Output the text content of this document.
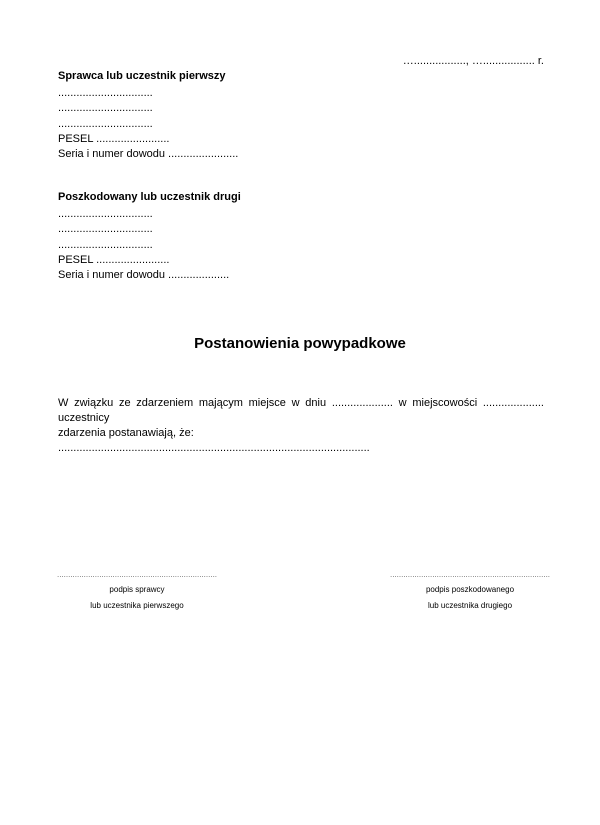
…................., …................. r.
Sprawca lub uczestnik pierwszy
...............................
...............................
...............................
PESEL ........................
Seria i numer dowodu .......................
Poszkodowany lub uczestnik drugi
...............................
...............................
...............................
PESEL ........................
Seria i numer dowodu ....................
Postanowienia powypadkowe
W związku ze zdarzeniem mającym miejsce w dniu .................... w miejscowości .................... uczestnicy
zdarzenia postanawiają, że:
......................................................................................................
........................................................................
podpis sprawcy
lub uczestnika pierwszego
........................................................................
podpis poszkodowanego
lub uczestnika drugiego
